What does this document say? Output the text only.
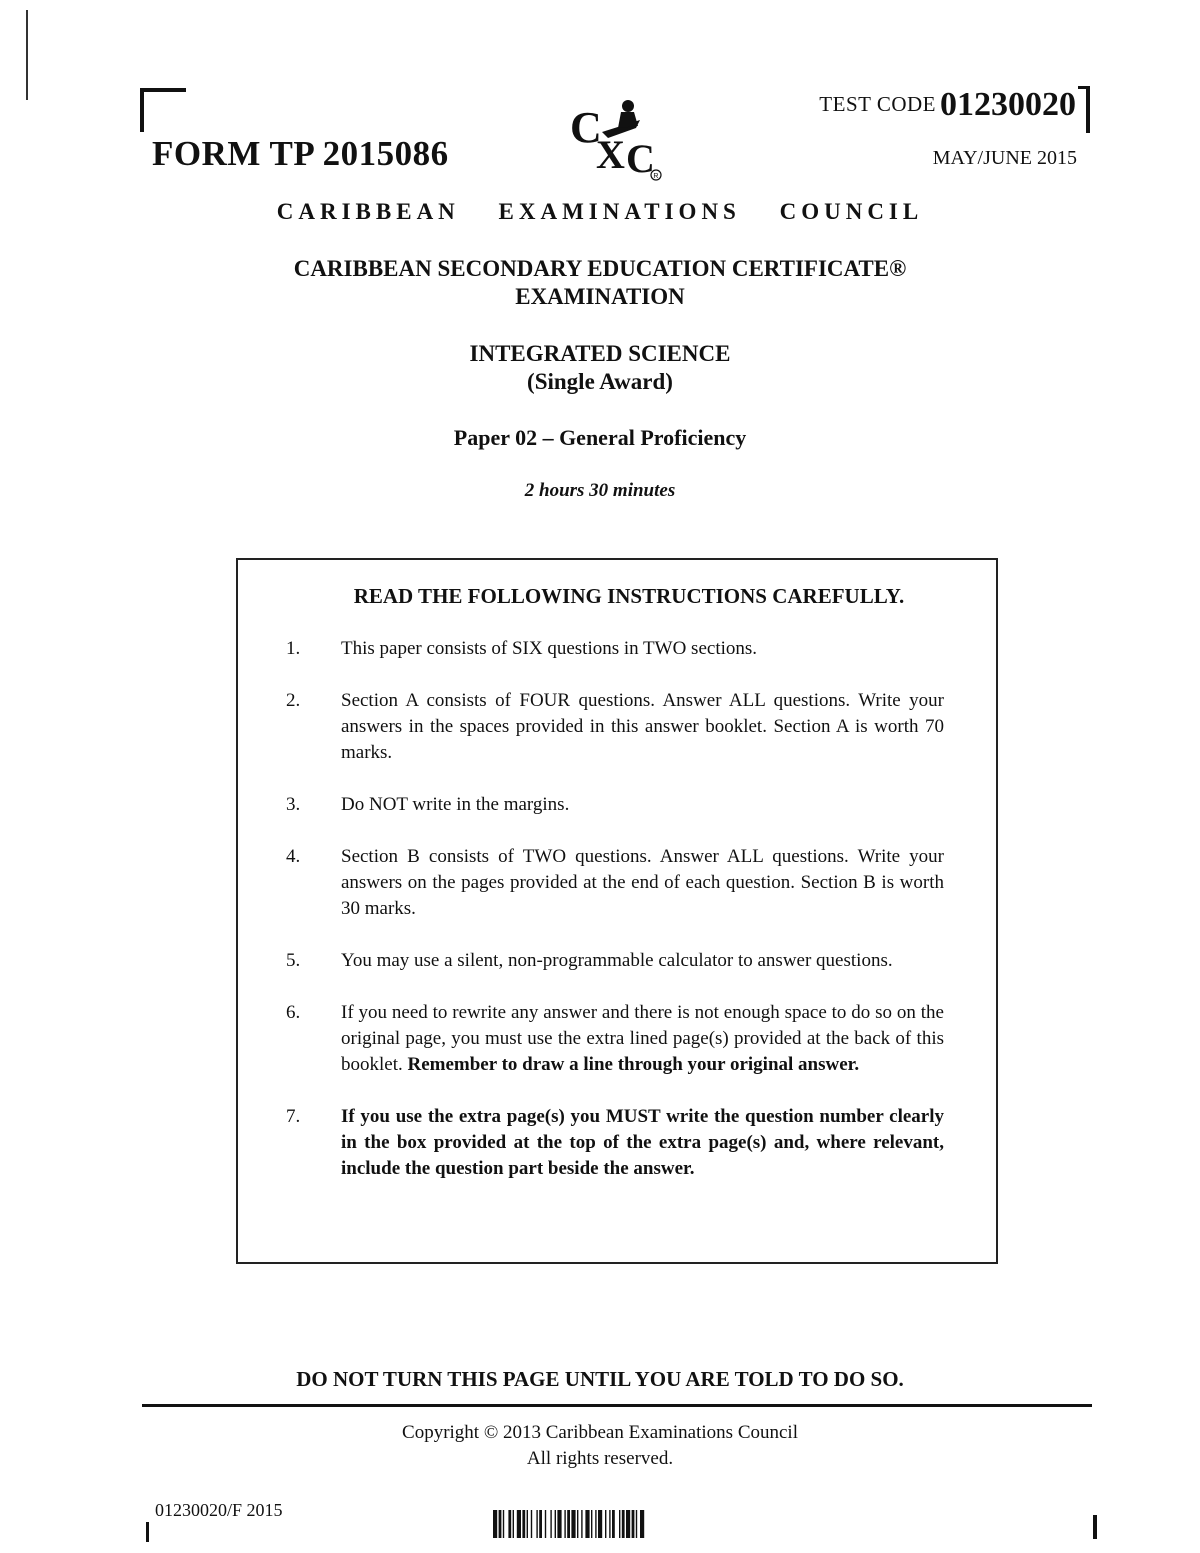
FORM TP 2015086
C
X C
R
TEST CODE 01230020
MAY/JUNE 2015
CARIBBEAN EXAMINATIONS COUNCIL
CARIBBEAN SECONDARY EDUCATION CERTIFICATE®
EXAMINATION
INTEGRATED SCIENCE
(Single Award)
Paper 02 – General Proficiency
2 hours 30 minutes
READ THE FOLLOWING INSTRUCTIONS CAREFULLY.
1.	This paper consists of SIX questions in TWO sections.
2.	Section A consists of FOUR questions. Answer ALL questions. Write your answers in the spaces provided in this answer booklet. Section A is worth 70 marks.
3.	Do NOT write in the margins.
4.	Section B consists of TWO questions. Answer ALL questions. Write your answers on the pages provided at the end of each question. Section B is worth 30 marks.
5.	You may use a silent, non-programmable calculator to answer questions.
6.	If you need to rewrite any answer and there is not enough space to do so on the original page, you must use the extra lined page(s) provided at the back of this booklet. Remember to draw a line through your original answer.
7.	If you use the extra page(s) you MUST write the question number clearly in the box provided at the top of the extra page(s) and, where relevant, include the question part beside the answer.
DO NOT TURN THIS PAGE UNTIL YOU ARE TOLD TO DO SO.
Copyright © 2013 Caribbean Examinations Council
All rights reserved.
01230020/F 2015
